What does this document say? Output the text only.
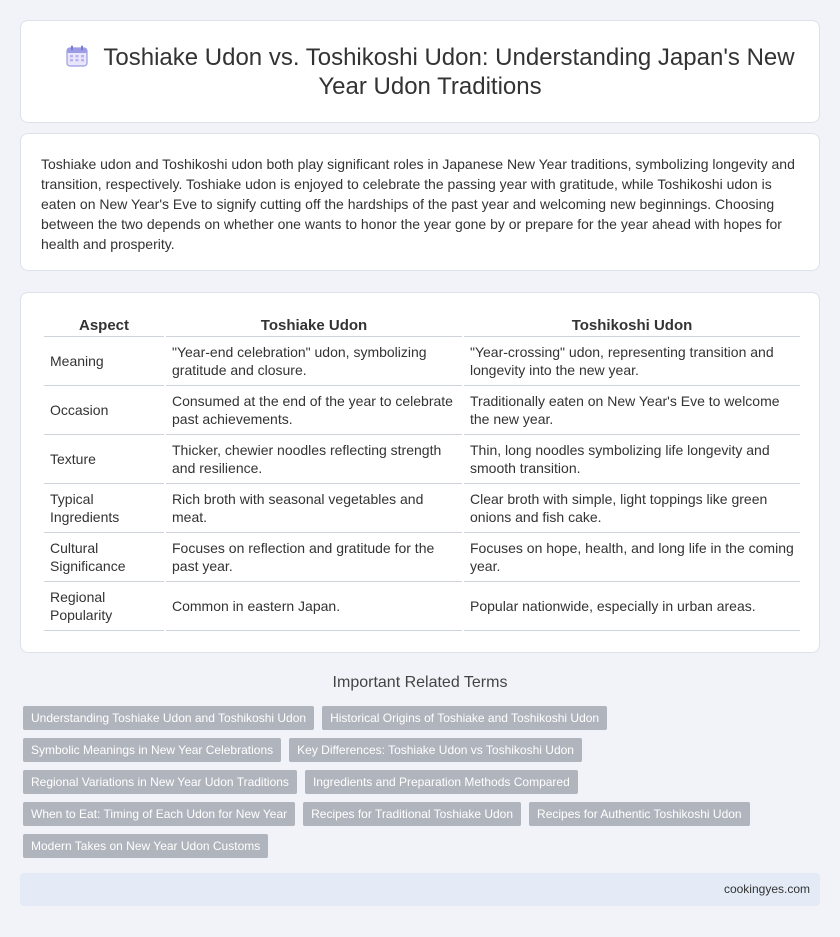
Toshiake Udon vs. Toshikoshi Udon: Understanding Japan's New Year Udon Traditions

Toshiake udon and Toshikoshi udon both play significant roles in Japanese New Year traditions, symbolizing longevity and transition, respectively. Toshiake udon is enjoyed to celebrate the passing year with gratitude, while Toshikoshi udon is eaten on New Year's Eve to signify cutting off the hardships of the past year and welcoming new beginnings. Choosing between the two depends on whether one wants to honor the year gone by or prepare for the year ahead with hopes for health and prosperity.

Aspect	Toshiake Udon	Toshikoshi Udon
Meaning	"Year-end celebration" udon, symbolizing gratitude and closure.	"Year-crossing" udon, representing transition and longevity into the new year.
Occasion	Consumed at the end of the year to celebrate past achievements.	Traditionally eaten on New Year's Eve to welcome the new year.
Texture	Thicker, chewier noodles reflecting strength and resilience.	Thin, long noodles symbolizing life longevity and smooth transition.
Typical Ingredients	Rich broth with seasonal vegetables and meat.	Clear broth with simple, light toppings like green onions and fish cake.
Cultural Significance	Focuses on reflection and gratitude for the past year.	Focuses on hope, health, and long life in the coming year.
Regional Popularity	Common in eastern Japan.	Popular nationwide, especially in urban areas.
Important Related Terms
Understanding Toshiake Udon and Toshikoshi Udon	Historical Origins of Toshiake and Toshikoshi Udon
Symbolic Meanings in New Year Celebrations	Key Differences: Toshiake Udon vs Toshikoshi Udon
Regional Variations in New Year Udon Traditions	Ingredients and Preparation Methods Compared
When to Eat: Timing of Each Udon for New Year	Recipes for Traditional Toshiake Udon	Recipes for Authentic Toshikoshi Udon
Modern Takes on New Year Udon Customs
cookingyes.com
